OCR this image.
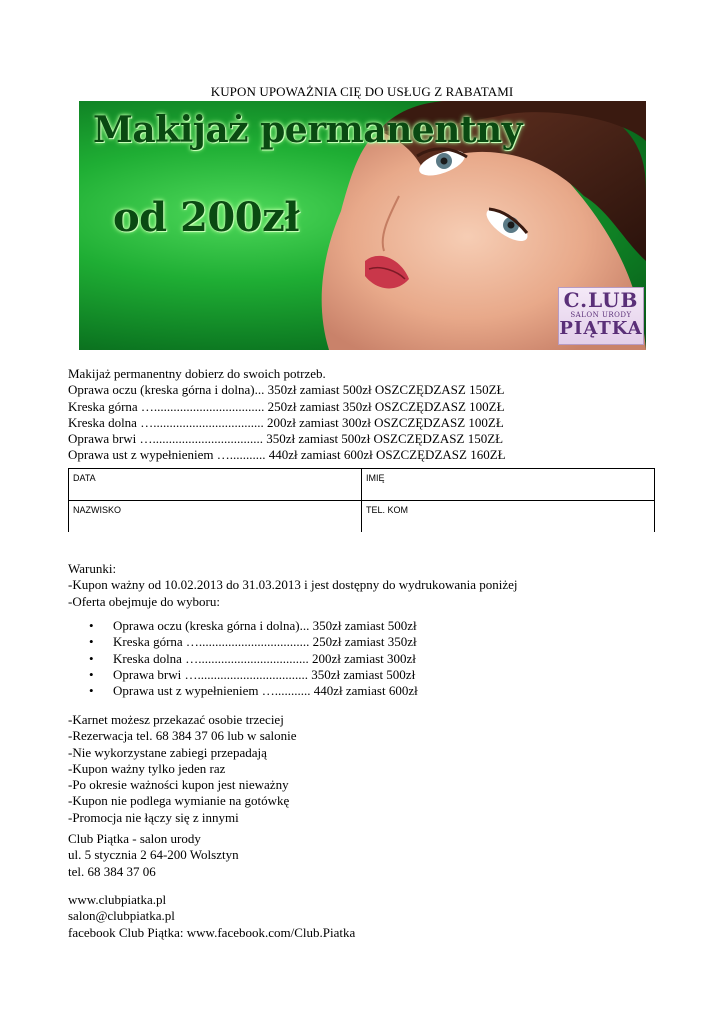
KUPON UPOWAŻNIA CIĘ DO USŁUG Z RABATAMI
Makijaż permanentny
od 200zł
C.LUB
SALON URODY
PIĄTKA
Makijaż permanentny dobierz do swoich potrzeb.
Oprawa oczu (kreska górna i dolna)... 350zł zamiast 500zł OSZCZĘDZASZ 150ZŁ
Kreska górna ….................................. 250zł zamiast 350zł OSZCZĘDZASZ 100ZŁ
Kreska dolna ….................................. 200zł zamiast 300zł OSZCZĘDZASZ 100ZŁ
Oprawa brwi ….................................. 350zł zamiast 500zł OSZCZĘDZASZ 150ZŁ
Oprawa ust z wypełnieniem …........... 440zł zamiast 600zł OSZCZĘDZASZ 160ZŁ
DATA	IMIĘ
NAZWISKO	TEL. KOM
Warunki:
-Kupon ważny od 10.02.2013 do 31.03.2013 i jest dostępny do wydrukowania poniżej
-Oferta obejmuje do wyboru:
• Oprawa oczu (kreska górna i dolna)... 350zł zamiast 500zł
• Kreska górna ….................................. 250zł zamiast 350zł
• Kreska dolna ….................................. 200zł zamiast 300zł
• Oprawa brwi ….................................. 350zł zamiast 500zł
• Oprawa ust z wypełnieniem …........... 440zł zamiast 600zł
-Karnet możesz przekazać osobie trzeciej
-Rezerwacja tel. 68 384 37 06 lub w salonie
-Nie wykorzystane zabiegi przepadają
-Kupon ważny tylko jeden raz
-Po okresie ważności kupon jest nieważny
-Kupon nie podlega wymianie na gotówkę
-Promocja nie łączy się z innymi
Club Piątka - salon urody
ul. 5 stycznia 2 64-200 Wolsztyn
tel. 68 384 37 06
www.clubpiatka.pl
salon@clubpiatka.pl
facebook Club Piątka: www.facebook.com/Club.Piatka
